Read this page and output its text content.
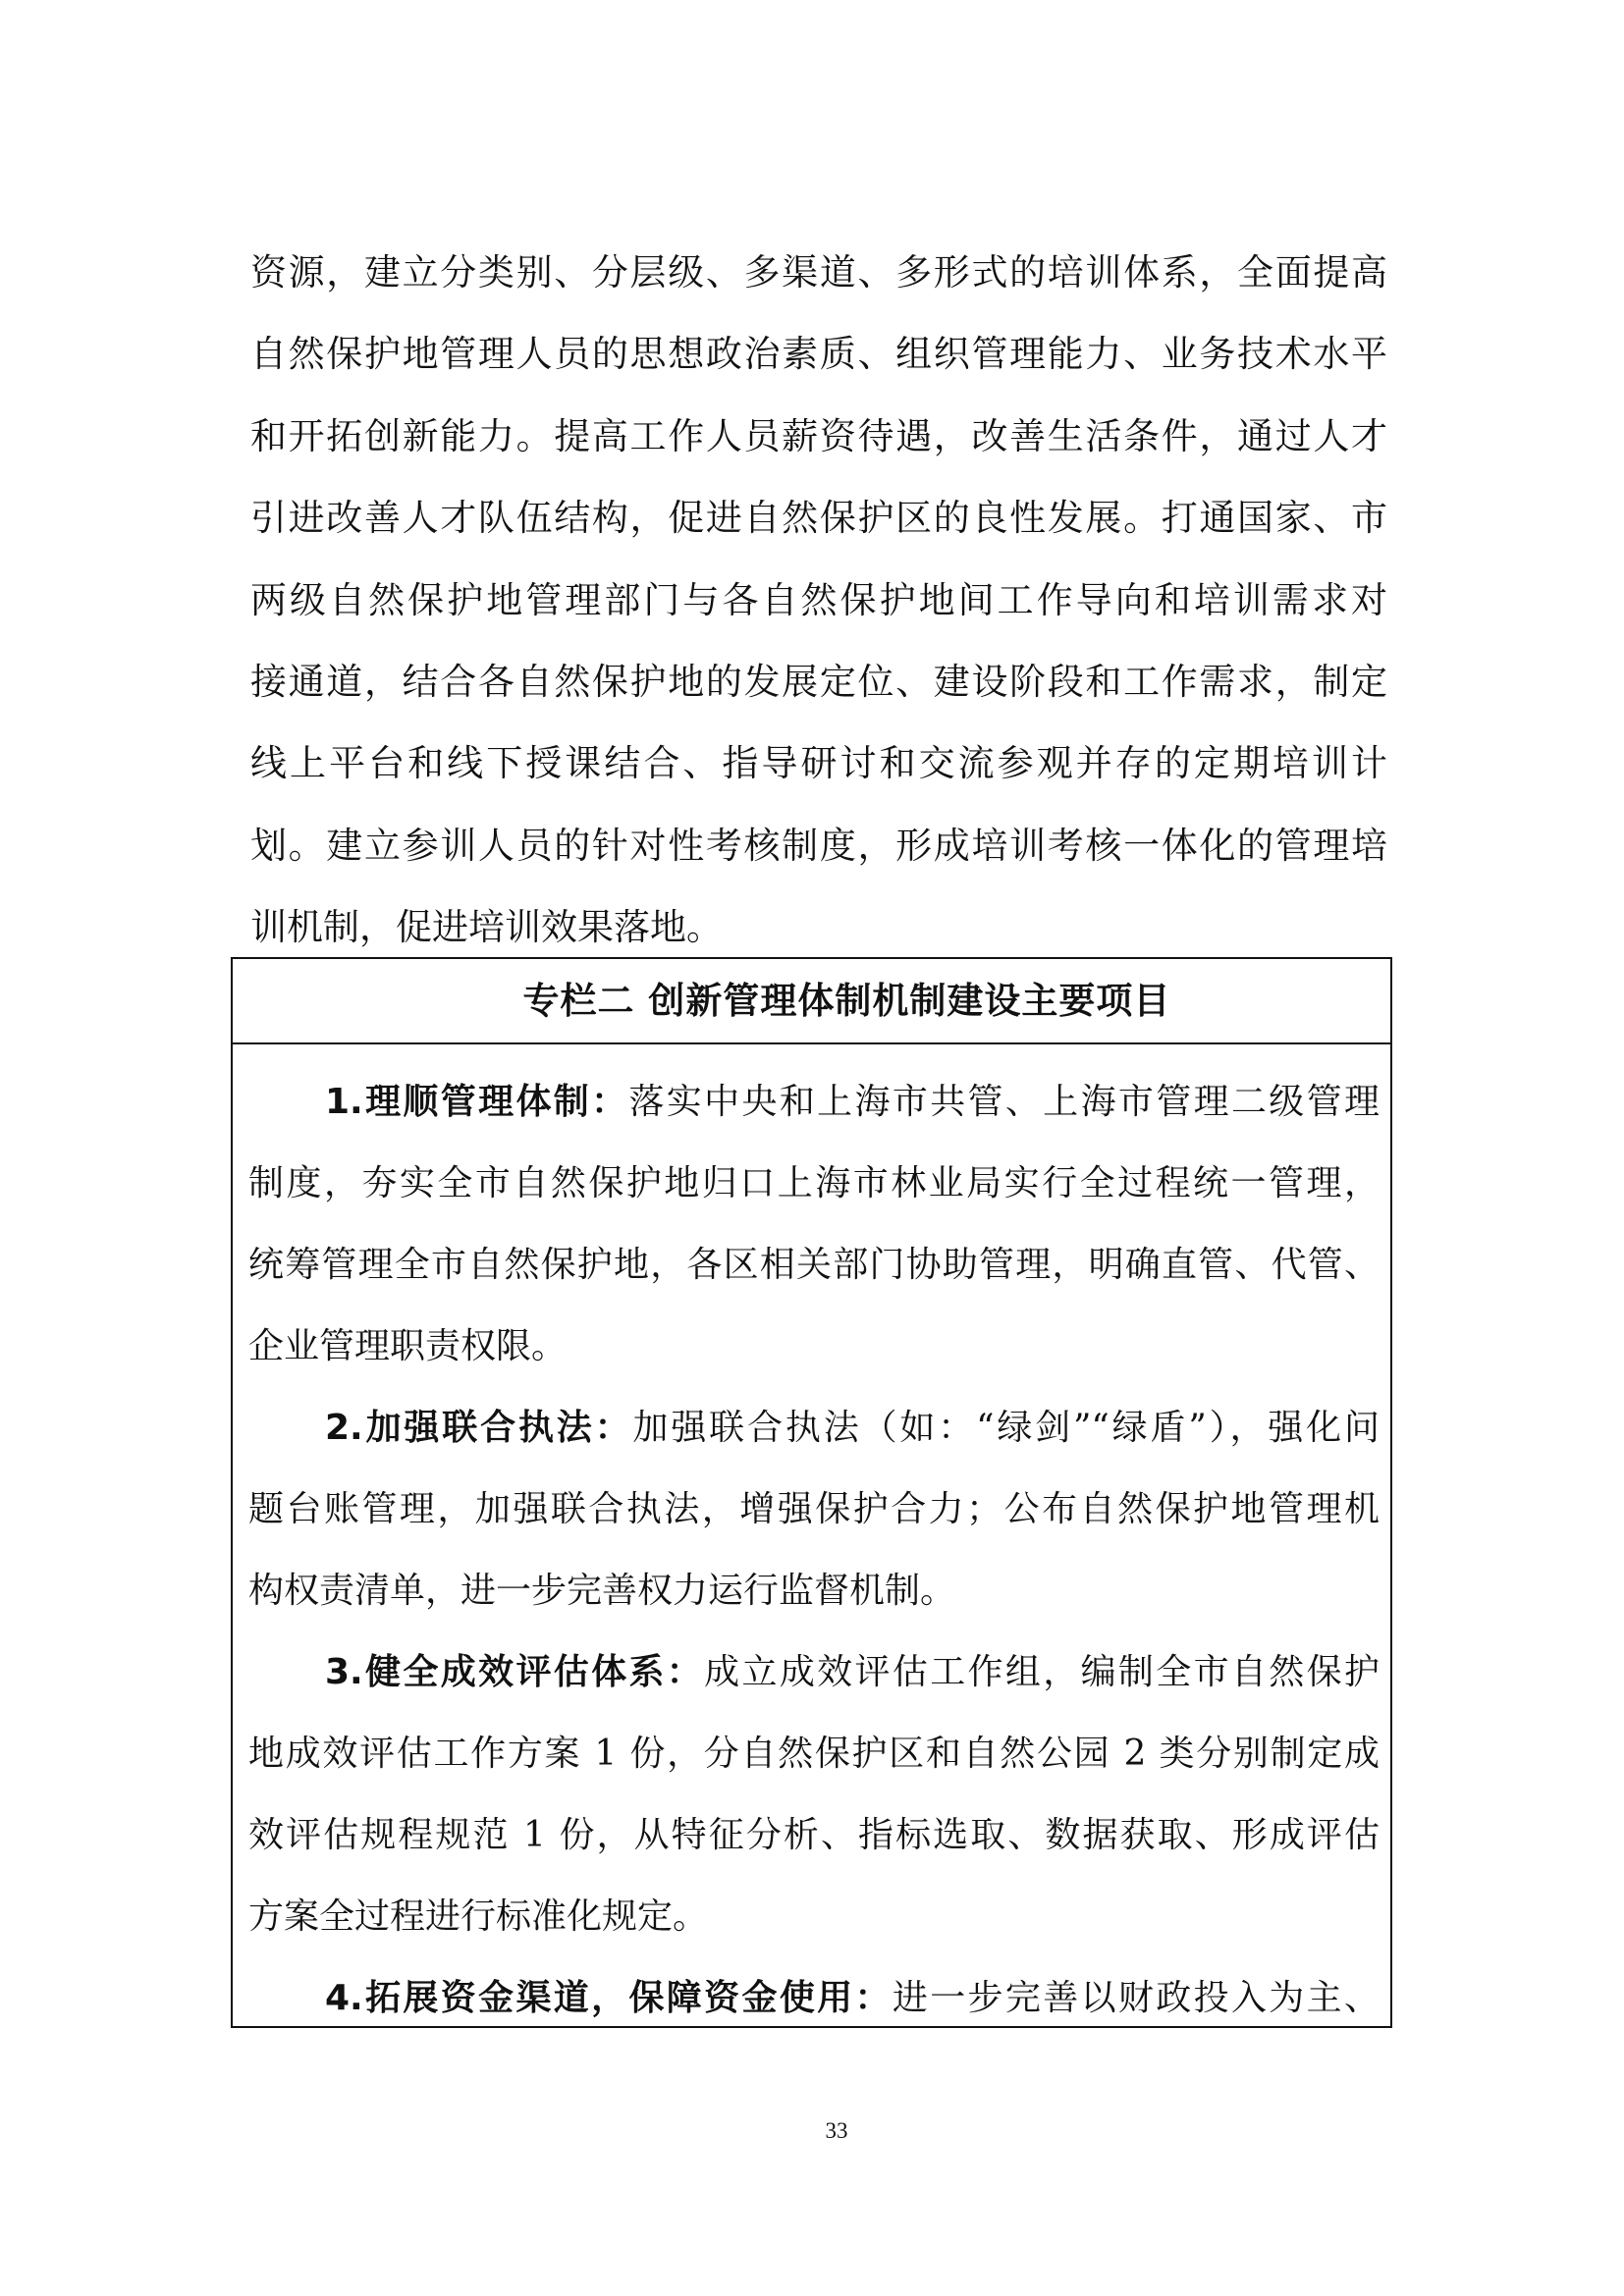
资源，建立分类别、分层级、多渠道、多形式的培训体系，全面提高
自然保护地管理人员的思想政治素质、组织管理能力、业务技术水平
和开拓创新能力。提高工作人员薪资待遇，改善生活条件，通过人才
引进改善人才队伍结构，促进自然保护区的良性发展。打通国家、市
两级自然保护地管理部门与各自然保护地间工作导向和培训需求对
接通道，结合各自然保护地的发展定位、建设阶段和工作需求，制定
线上平台和线下授课结合、指导研讨和交流参观并存的定期培训计
划。建立参训人员的针对性考核制度，形成培训考核一体化的管理培
训机制，促进培训效果落地。
专栏二 创新管理体制机制建设主要项目
1.理顺管理体制：落实中央和上海市共管、上海市管理二级管理
制度，夯实全市自然保护地归口上海市林业局实行全过程统一管理，
统筹管理全市自然保护地，各区相关部门协助管理，明确直管、代管、
企业管理职责权限。
2.加强联合执法：加强联合执法（如：“绿剑”“绿盾”），强化问
题台账管理，加强联合执法，增强保护合力；公布自然保护地管理机
构权责清单，进一步完善权力运行监督机制。
3.健全成效评估体系：成立成效评估工作组，编制全市自然保护
地成效评估工作方案 1 份，分自然保护区和自然公园 2 类分别制定成
效评估规程规范 1 份，从特征分析、指标选取、数据获取、形成评估
方案全过程进行标准化规定。
4.拓展资金渠道，保障资金使用：进一步完善以财政投入为主、
33
